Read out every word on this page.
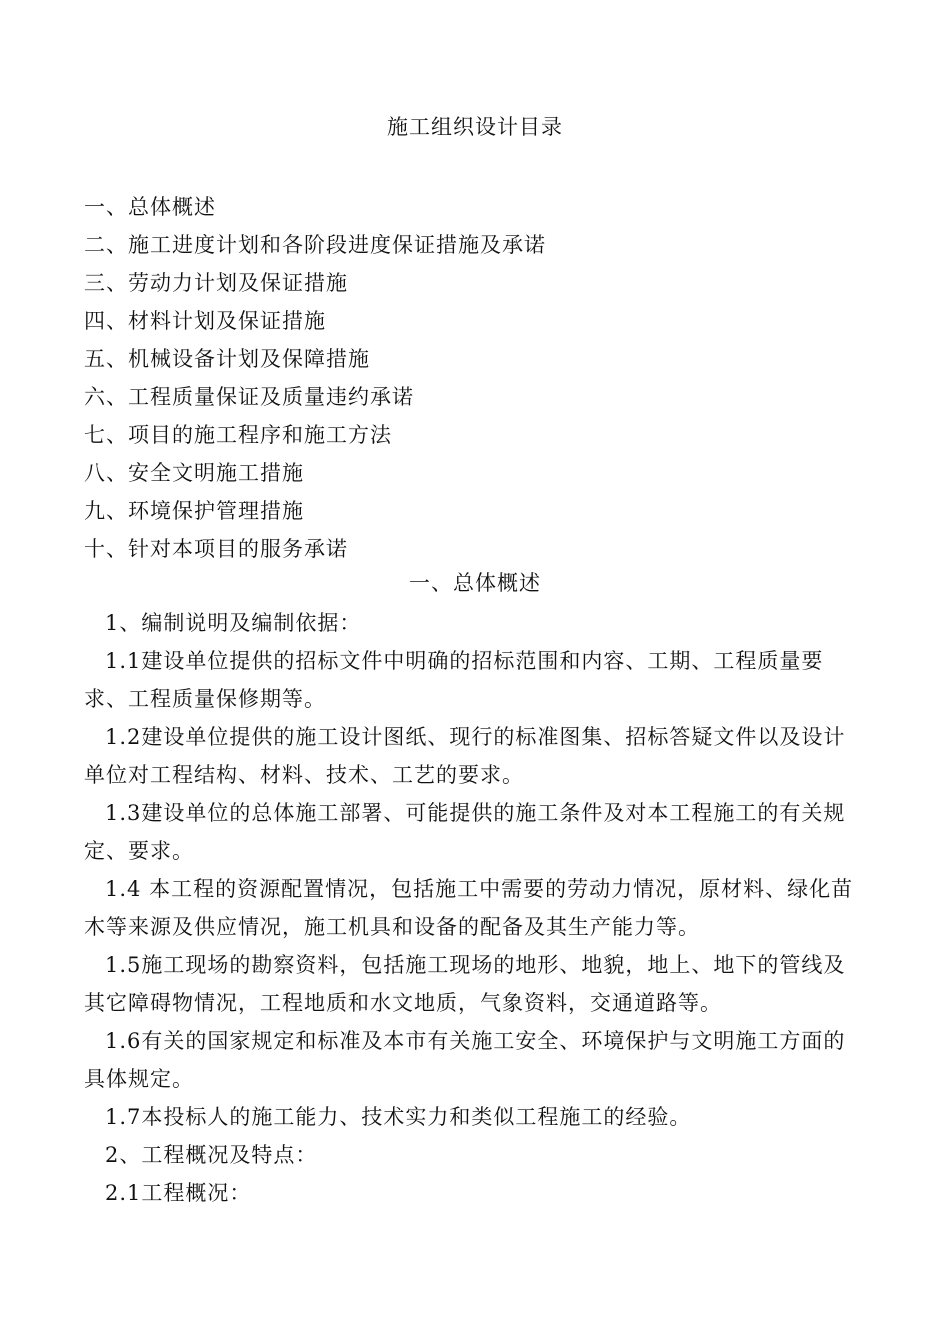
施工组织设计目录
一、总体概述
二、施工进度计划和各阶段进度保证措施及承诺
三、劳动力计划及保证措施
四、材料计划及保证措施
五、机械设备计划及保障措施
六、工程质量保证及质量违约承诺
七、项目的施工程序和施工方法
八、安全文明施工措施
九、环境保护管理措施
十、针对本项目的服务承诺
一、总体概述

1、编制说明及编制依据：

1.1建设单位提供的招标文件中明确的招标范围和内容、工期、工程质量要求、工程质量保修期等。

1.2建设单位提供的施工设计图纸、现行的标准图集、招标答疑文件以及设计单位对工程结构、材料、技术、工艺的要求。

1.3建设单位的总体施工部署、可能提供的施工条件及对本工程施工的有关规定、要求。

1.4 本工程的资源配置情况，包括施工中需要的劳动力情况，原材料、绿化苗木等来源及供应情况，施工机具和设备的配备及其生产能力等。

1.5施工现场的勘察资料，包括施工现场的地形、地貌，地上、地下的管线及其它障碍物情况，工程地质和水文地质，气象资料，交通道路等。

1.6有关的国家规定和标准及本市有关施工安全、环境保护与文明施工方面的具体规定。

1.7本投标人的施工能力、技术实力和类似工程施工的经验。

2、工程概况及特点：

2.1工程概况：
